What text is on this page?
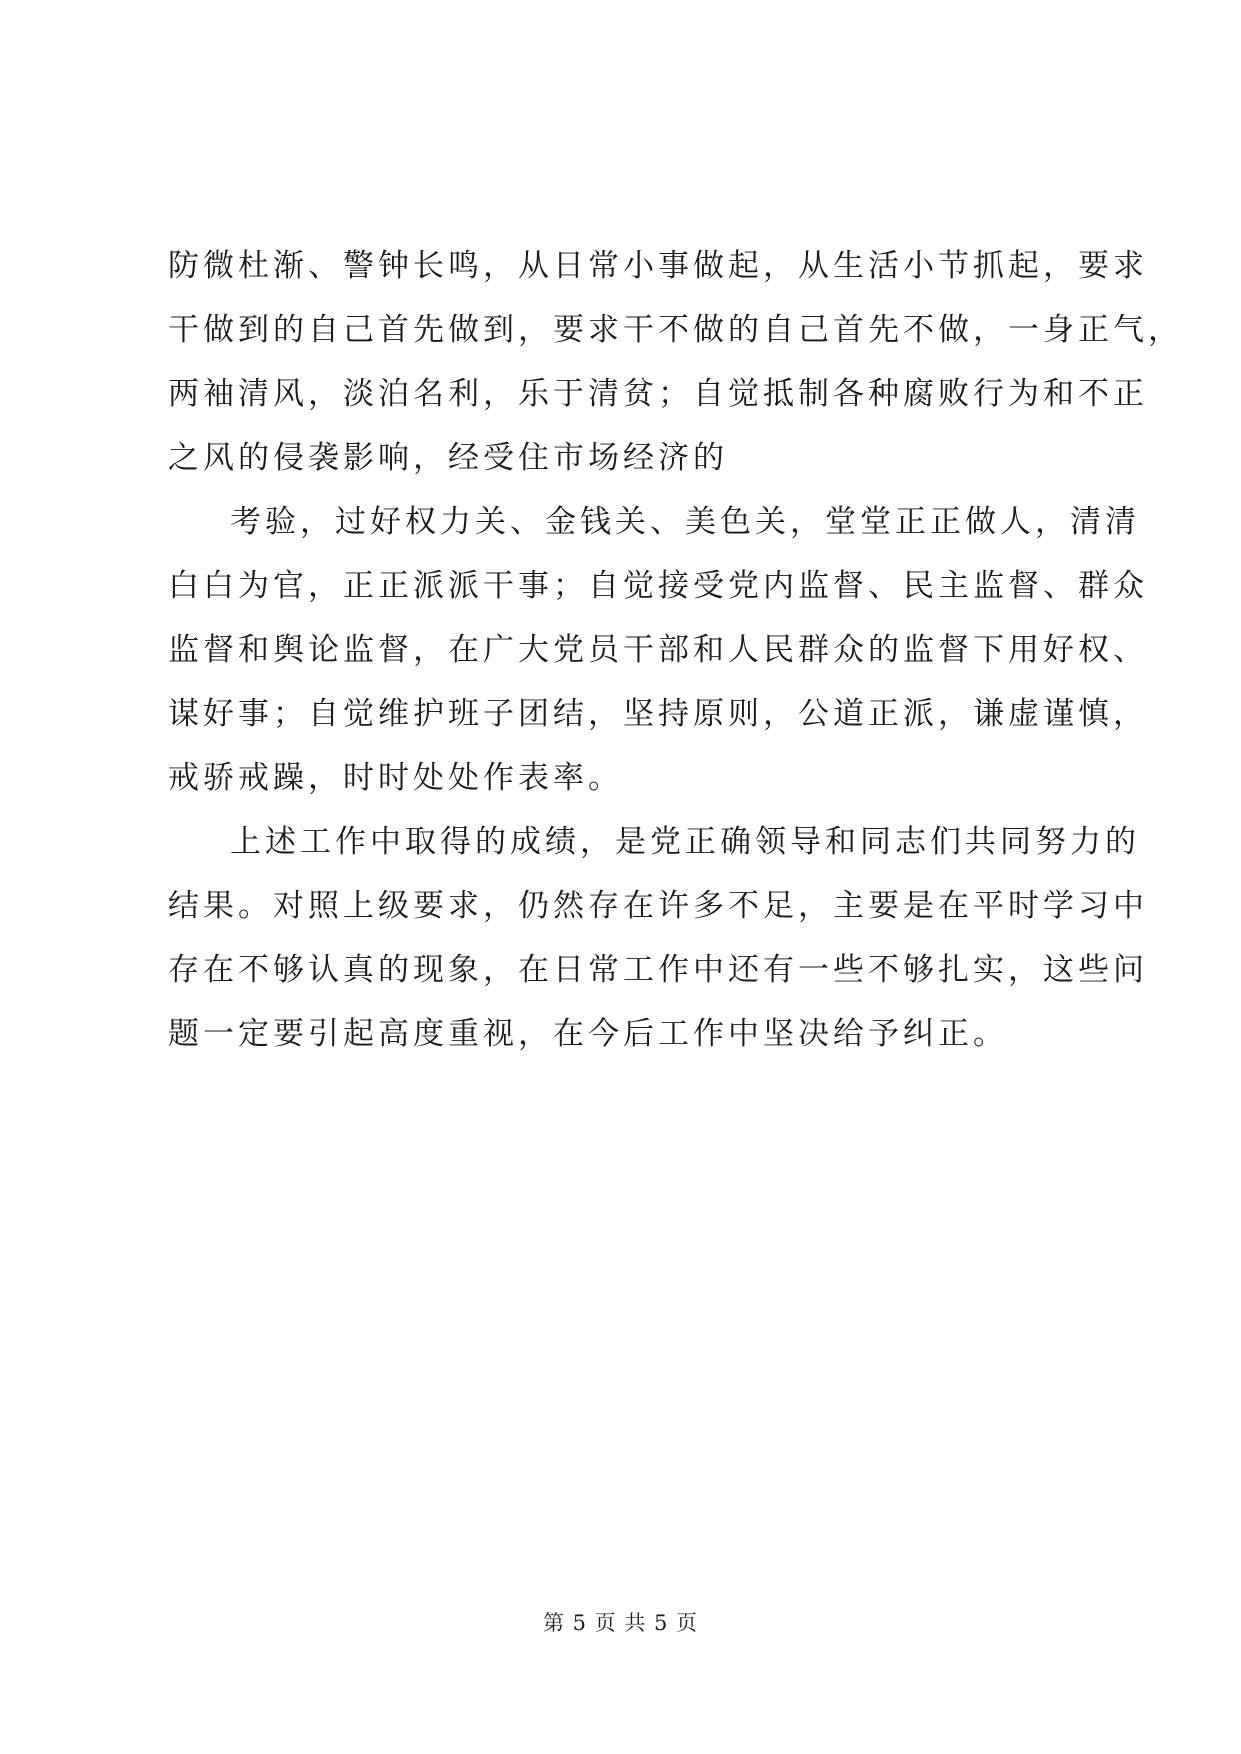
防微杜渐、警钟长鸣，从日常小事做起，从生活小节抓起，要求
干做到的自己首先做到，要求干不做的自己首先不做，一身正气，
两袖清风，淡泊名利，乐于清贫；自觉抵制各种腐败行为和不正
之风的侵袭影响，经受住市场经济的
考验，过好权力关、金钱关、美色关，堂堂正正做人，清清
白白为官，正正派派干事；自觉接受党内监督、民主监督、群众
监督和舆论监督，在广大党员干部和人民群众的监督下用好权、
谋好事；自觉维护班子团结，坚持原则，公道正派，谦虚谨慎，
戒骄戒躁，时时处处作表率。
上述工作中取得的成绩，是党正确领导和同志们共同努力的
结果。对照上级要求，仍然存在许多不足，主要是在平时学习中
存在不够认真的现象，在日常工作中还有一些不够扎实，这些问
题一定要引起高度重视，在今后工作中坚决给予纠正。
第 5 页 共 5 页
